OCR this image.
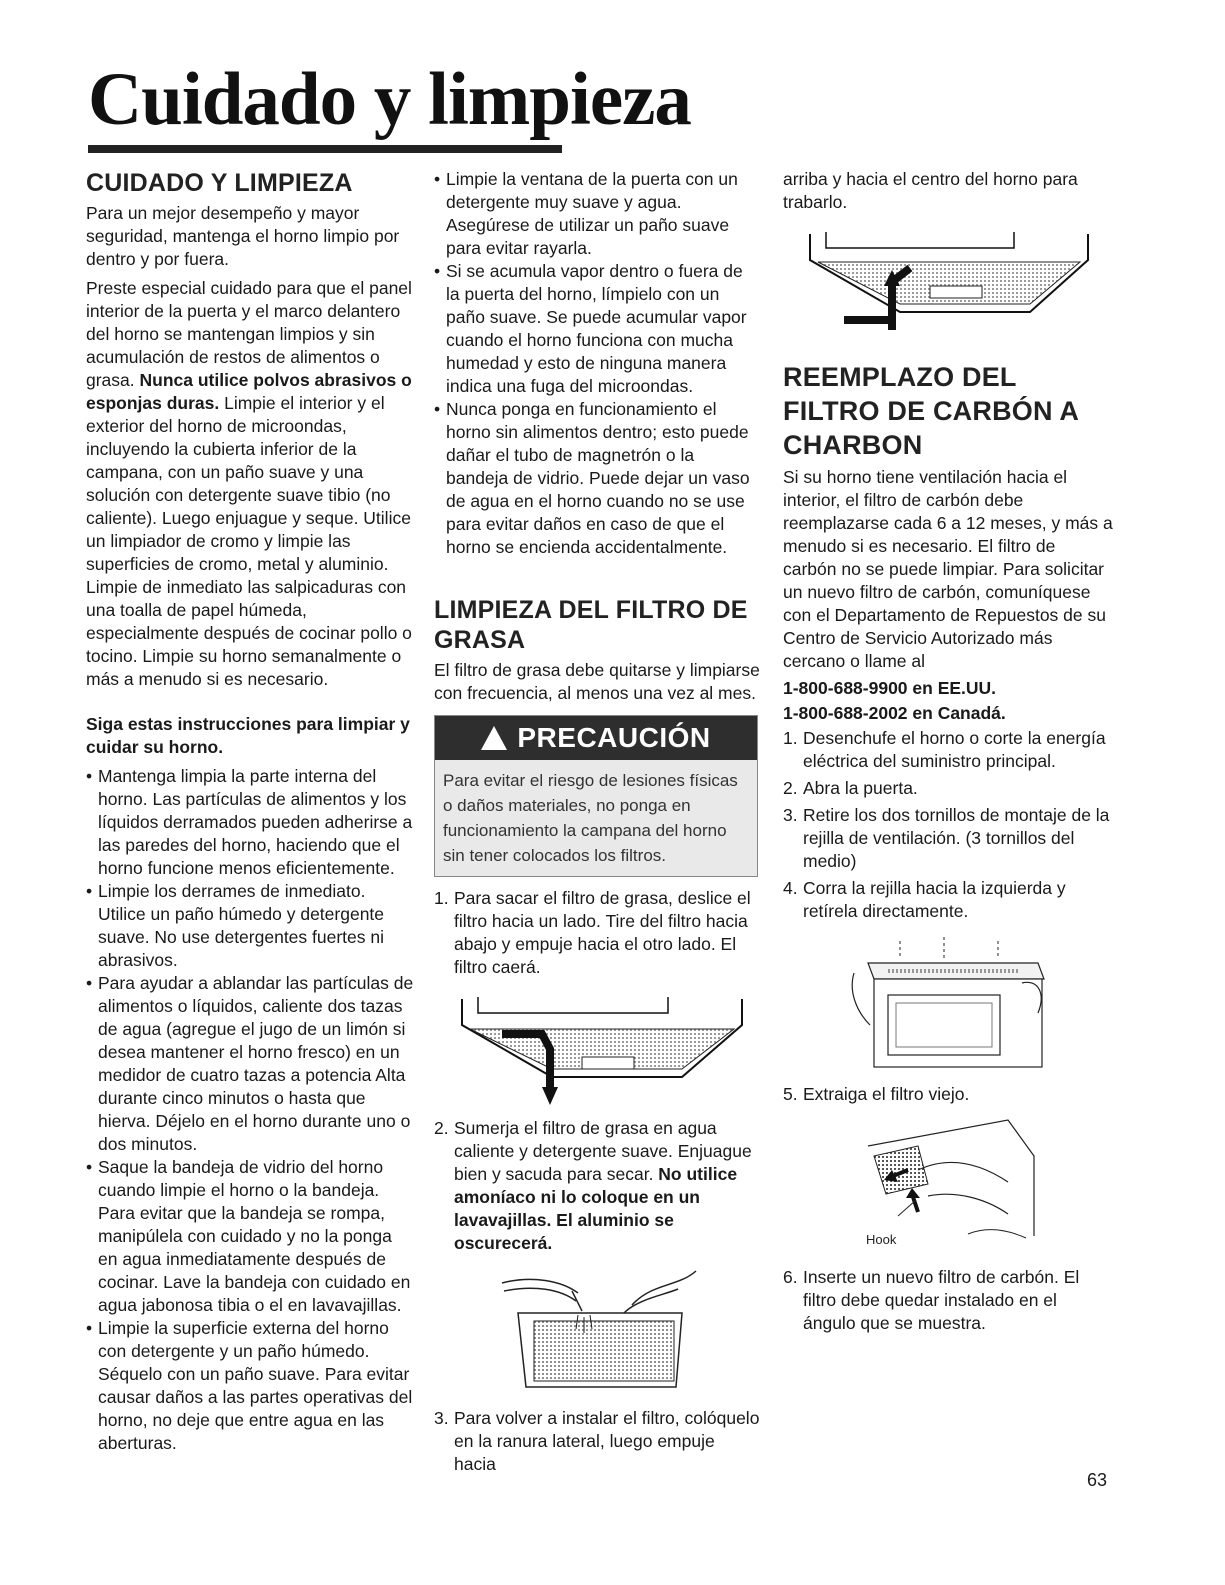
Cuidado y limpieza
CUIDADO Y LIMPIEZA

Para un mejor desempeño y mayor seguridad, mantenga el horno limpio por dentro y por fuera.

Preste especial cuidado para que el panel interior de la puerta y el marco delantero del horno se mantengan limpios y sin acumulación de restos de alimentos o grasa. Nunca utilice polvos abrasivos o esponjas duras. Limpie el interior y el exterior del horno de microondas, incluyendo la cubierta inferior de la campana, con un paño suave y una solución con detergente suave tibio (no caliente). Luego enjuague y seque. Utilice un limpiador de cromo y limpie las superficies de cromo, metal y aluminio. Limpie de inmediato las salpicaduras con una toalla de papel húmeda, especialmente después de cocinar pollo o tocino. Limpie su horno semanalmente o más a menudo si es necesario.

Siga estas instrucciones para limpiar y cuidar su horno.

• Mantenga limpia la parte interna del horno. Las partículas de alimentos y los líquidos derramados pueden adherirse a las paredes del horno, haciendo que el horno funcione menos eficientemente.
• Limpie los derrames de inmediato. Utilice un paño húmedo y detergente suave. No use detergentes fuertes ni abrasivos.
• Para ayudar a ablandar las partículas de alimentos o líquidos, caliente dos tazas de agua (agregue el jugo de un limón si desea mantener el horno fresco) en un medidor de cuatro tazas a potencia Alta durante cinco minutos o hasta que hierva. Déjelo en el horno durante uno o dos minutos.
• Saque la bandeja de vidrio del horno cuando limpie el horno o la bandeja. Para evitar que la bandeja se rompa, manipúlela con cuidado y no la ponga en agua inmediatamente después de cocinar. Lave la bandeja con cuidado en agua jabonosa tibia o el en lavavajillas.
• Limpie la superficie externa del horno con detergente y un paño húmedo. Séquelo con un paño suave. Para evitar causar daños a las partes operativas del horno, no deje que entre agua en las aberturas.
• Limpie la ventana de la puerta con un detergente muy suave y agua. Asegúrese de utilizar un paño suave para evitar rayarla.
• Si se acumula vapor dentro o fuera de la puerta del horno, límpielo con un paño suave. Se puede acumular vapor cuando el horno funciona con mucha humedad y esto de ninguna manera indica una fuga del microondas.
• Nunca ponga en funcionamiento el horno sin alimentos dentro; esto puede dañar el tubo de magnetrón o la bandeja de vidrio. Puede dejar un vaso de agua en el horno cuando no se use para evitar daños en caso de que el horno se encienda accidentalmente.
LIMPIEZA DEL FILTRO DE GRASA

El filtro de grasa debe quitarse y limpiarse con frecuencia, al menos una vez al mes.

PRECAUCIÓN
Para evitar el riesgo de lesiones físicas o daños materiales, no ponga en funcionamiento la campana del horno sin tener colocados los filtros.
1. Para sacar el filtro de grasa, deslice el filtro hacia un lado. Tire del filtro hacia abajo y empuje hacia el otro lado. El filtro caerá.
2. Sumerja el filtro de grasa en agua caliente y detergente suave. Enjuague bien y sacuda para secar. No utilice amoníaco ni lo coloque en un lavavajillas. El aluminio se oscurecerá.
3. Para volver a instalar el filtro, colóquelo en la ranura lateral, luego empuje hacia

arriba y hacia el centro del horno para trabarlo.

REEMPLAZO DEL FILTRO DE CARBÓN A CHARBON

Si su horno tiene ventilación hacia el interior, el filtro de carbón debe reemplazarse cada 6 a 12 meses, y más a menudo si es necesario. El filtro de carbón no se puede limpiar. Para solicitar un nuevo filtro de carbón, comuníquese con el Departamento de Repuestos de su Centro de Servicio Autorizado más cercano o llame al

1-800-688-9900 en EE.UU.

1-800-688-2002 en Canadá.

1. Desenchufe el horno o corte la energía eléctrica del suministro principal.
2. Abra la puerta.
3. Retire los dos tornillos de montaje de la rejilla de ventilación. (3 tornillos del medio)
4. Corra la rejilla hacia la izquierda y retírela directamente.
5. Extraiga el filtro viejo.
Hook
6. Inserte un nuevo filtro de carbón. El filtro debe quedar instalado en el ángulo que se muestra.
63
